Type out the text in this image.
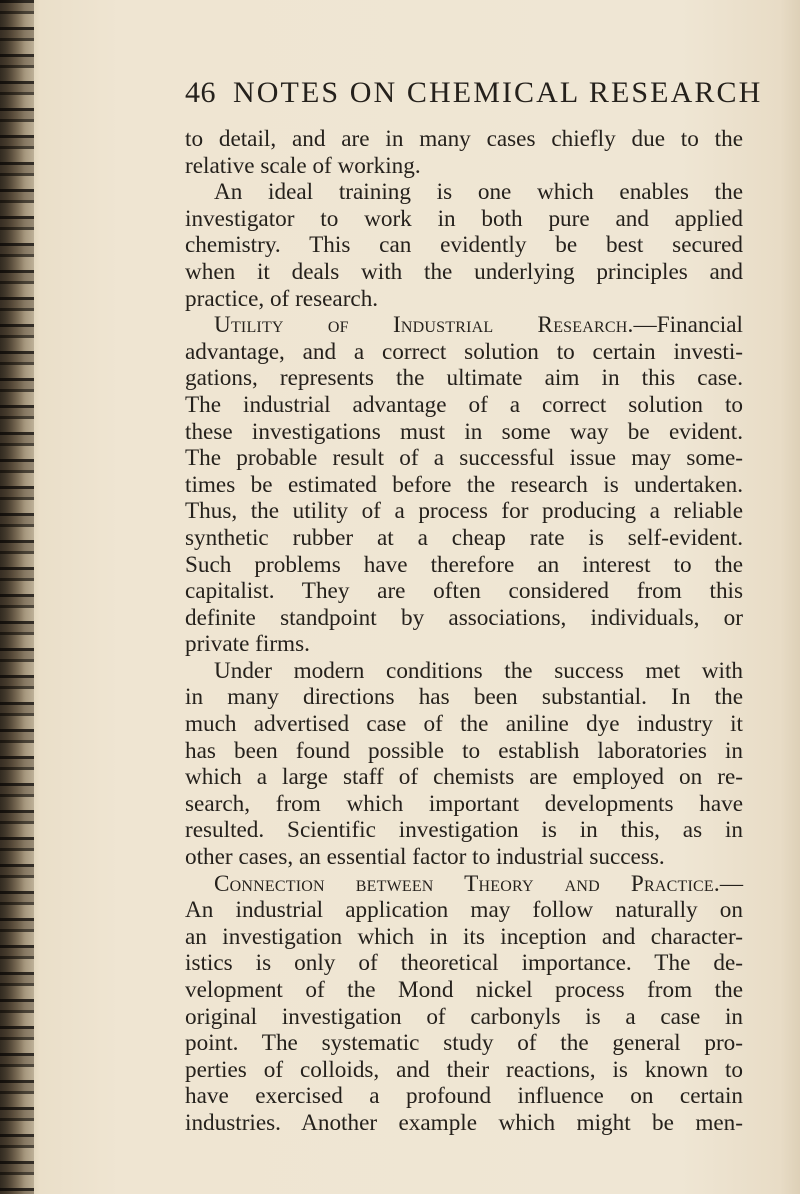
46 NOTES ON CHEMICAL RESEARCH
to detail, and are in many cases chiefly due to the
relative scale of working.
An ideal training is one which enables the
investigator to work in both pure and applied
chemistry. This can evidently be best secured
when it deals with the underlying principles and
practice, of research.
Utility of Industrial Research.—Financial
advantage, and a correct solution to certain investi-
gations, represents the ultimate aim in this case.
The industrial advantage of a correct solution to
these investigations must in some way be evident.
The probable result of a successful issue may some-
times be estimated before the research is undertaken.
Thus, the utility of a process for producing a reliable
synthetic rubber at a cheap rate is self-evident.
Such problems have therefore an interest to the
capitalist. They are often considered from this
definite standpoint by associations, individuals, or
private firms.
Under modern conditions the success met with
in many directions has been substantial. In the
much advertised case of the aniline dye industry it
has been found possible to establish laboratories in
which a large staff of chemists are employed on re-
search, from which important developments have
resulted. Scientific investigation is in this, as in
other cases, an essential factor to industrial success.
Connection between Theory and Practice.—
An industrial application may follow naturally on
an investigation which in its inception and character-
istics is only of theoretical importance. The de-
velopment of the Mond nickel process from the
original investigation of carbonyls is a case in
point. The systematic study of the general pro-
perties of colloids, and their reactions, is known to
have exercised a profound influence on certain
industries. Another example which might be men-
